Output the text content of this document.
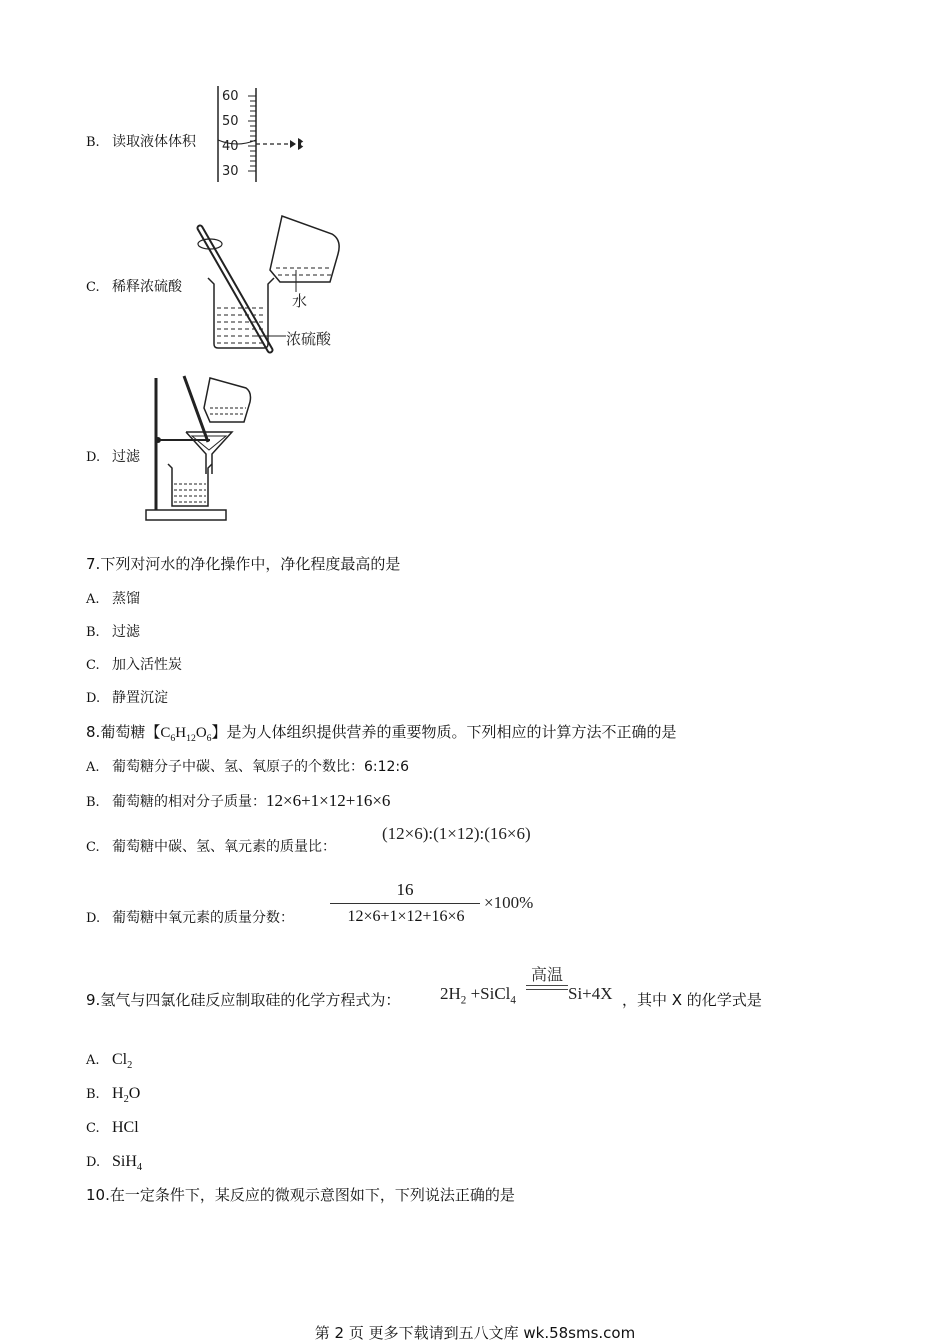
B. 读取液体体积
60
50
40
30
C. 稀释浓硫酸
浓硫酸
水
D. 过滤
7.下列对河水的净化操作中，净化程度最高的是
A. 蒸馏
B. 过滤
C. 加入活性炭
D. 静置沉淀
8.葡萄糖【$C_6H_{12}O_6$】是为人体组织提供营养的重要物质。下列相应的计算方法不正确的是
A. 葡萄糖分子中碳、氢、氧原子的个数比：6:12:6
B. 葡萄糖的相对分子质量：12×6+1×12+16×6
C. 葡萄糖中碳、氢、氧元素的质量比：
(12×6):(1×12):(16×6)
D. 葡萄糖中氧元素的质量分数：
16
12×6+1×12+16×6
×100%
9.氢气与四氯化硅反应制取硅的化学方程式为： $2H_2$ +SiCl$_4$
高温
Si+4X ，其中 X 的化学式是
A. $Cl_2$
B. $H_2O$
C. HCl
D. SiH$_4$
10.在一定条件下，某反应的微观示意图如下，下列说法正确的是
第 2 页 更多下载请到五八文库 wk.58sms.com
